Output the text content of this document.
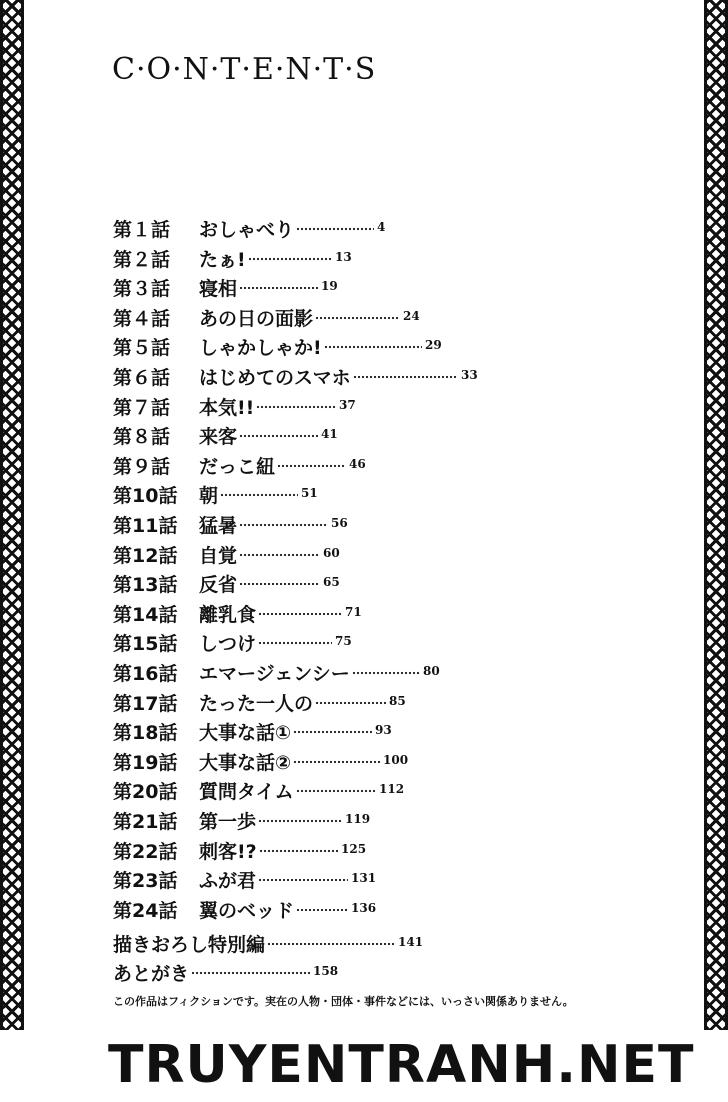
C·O·N·T·E·N·T·S
第１話 おしゃべり	4
第２話 たぁ!	13
第３話 寝相	19
第４話 あの日の面影	24
第５話 しゃかしゃか!	29
第６話 はじめてのスマホ	33
第７話 本気!!	37
第８話 来客	41
第９話 だっこ紐	46
第10話 朝	51
第11話 猛暑	56
第12話 自覚	60
第13話 反省	65
第14話 離乳食	71
第15話 しつけ	75
第16話 エマージェンシー	80
第17話 たった一人の	85
第18話 大事な話①	93
第19話 大事な話②	100
第20話 質問タイム	112
第21話 第一歩	119
第22話 刺客!?	125
第23話 ふが君	131
第24話 翼のベッド	136
描きおろし特別編	141
あとがき	158
この作品はフィクションです。実在の人物・団体・事件などには、いっさい関係ありません。
TRUYENTRANH.NET
